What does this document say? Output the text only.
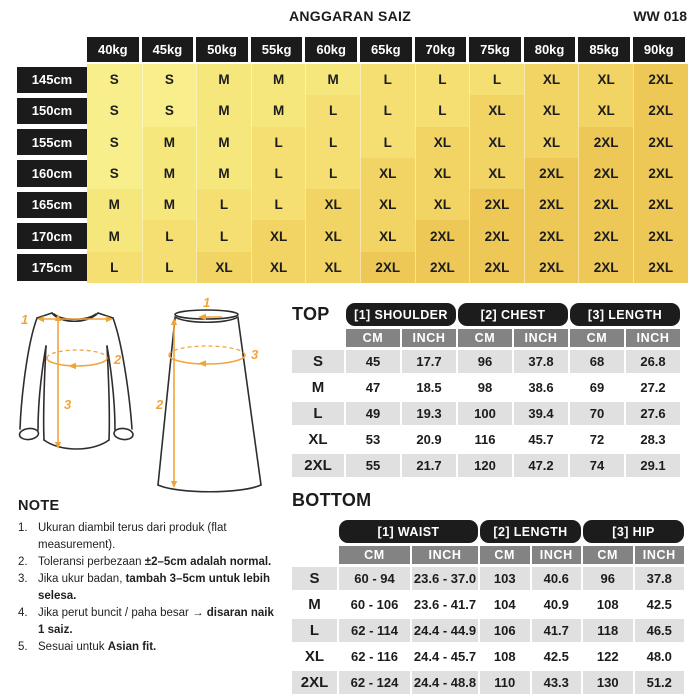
ANGGARAN SAIZ	WW 018
40kg	45kg	50kg	55kg	60kg	65kg	70kg	75kg	80kg	85kg	90kg
145cm	S	S	M	M	M	L	L	L	XL	XL	2XL
150cm	S	S	M	M	L	L	L	XL	XL	XL	2XL
155cm	S	M	M	L	L	L	XL	XL	XL	2XL	2XL
160cm	S	M	M	L	L	XL	XL	XL	2XL	2XL	2XL
165cm	M	M	L	L	XL	XL	XL	2XL	2XL	2XL	2XL
170cm	M	L	L	XL	XL	XL	2XL	2XL	2XL	2XL	2XL
175cm	L	L	XL	XL	XL	2XL	2XL	2XL	2XL	2XL	2XL
1
2
3
1
3
2
TOP	[1] SHOULDER	[2] CHEST	[3] LENGTH
CM	INCH	CM	INCH	CM	INCH
S	45	17.7	96	37.8	68	26.8
M	47	18.5	98	38.6	69	27.2
L	49	19.3	100	39.4	70	27.6
XL	53	20.9	116	45.7	72	28.3
2XL	55	21.7	120	47.2	74	29.1
BOTTOM
[1] WAIST	[2] LENGTH	[3] HIP
CM	INCH	CM	INCH	CM	INCH
S	60 - 94	23.6 - 37.0	103	40.6	96	37.8
M	60 - 106	23.6 - 41.7	104	40.9	108	42.5
L	62 - 114	24.4 - 44.9	106	41.7	118	46.5
XL	62 - 116	24.4 - 45.7	108	42.5	122	48.0
2XL	62 - 124	24.4 - 48.8	110	43.3	130	51.2
NOTE
1. Ukuran diambil terus dari produk (flat measurement).
2. Toleransi perbezaan ±2–5cm adalah normal.
3. Jika ukur badan, tambah 3–5cm untuk lebih selesa.
4. Jika perut buncit / paha besar → disaran naik 1 saiz.
5. Sesuai untuk Asian fit.
